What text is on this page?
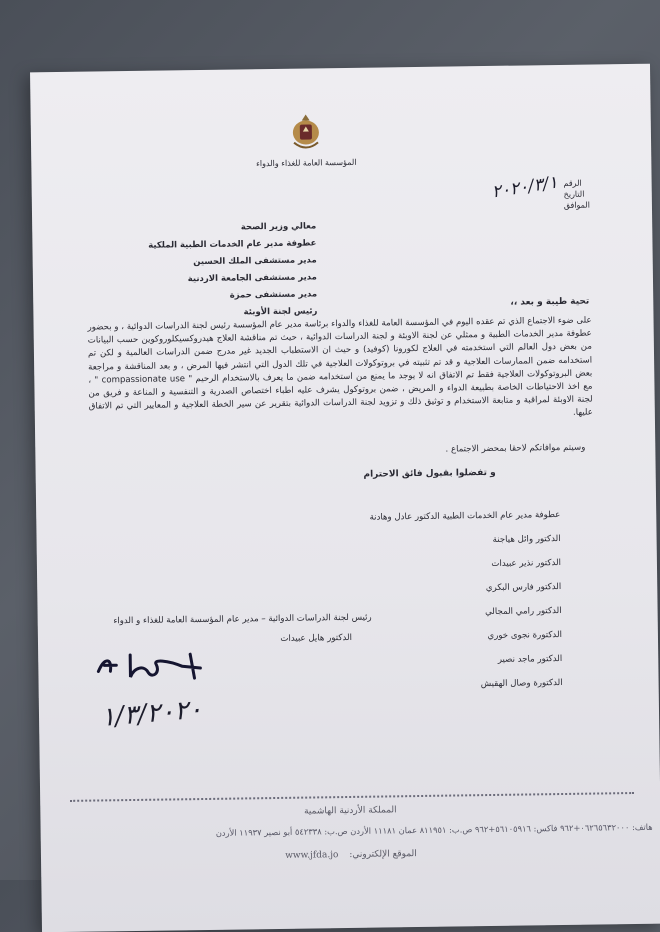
المؤسسة العامة للغذاء والدواء
الرقم
التاريخ
الموافق
٢٠٢٠/٣/١
معالي وزير الصحة
عطوفة مدير عام الخدمات الطبية الملكية
مدير مستشفى الملك الحسين
مدير مستشفى الجامعة الاردنية
مدير مستشفى حمزة
رئيس لجنة الأوبئة
تحية طيبة و بعد ،،
على ضوء الاجتماع الذي تم عقده اليوم في المؤسسة العامة للغذاء والدواء برئاسة مدير عام المؤسسة رئيس لجنة الدراسات الدوائية ، و بحضور عطوفة مدير الخدمات الطبية و ممثلي عن لجنة الاوبئة و لجنة الدراسات الدوائية ، حيث تم مناقشة العلاج هيدروكسيكلوروكوين حسب البيانات من بعض دول العالم التي استخدمته في العلاج لكورونا (كوفيد) و حيث ان الاستطباب الجديد غير مدرج ضمن الدراسات العالمية و لكن تم استخدامه ضمن الممارسات العلاجية و قد تم تثبيته في بروتوكولات العلاجية في تلك الدول التي انتشر فيها المرض ، و بعد المناقشة و مراجعة بعض البروتوكولات العلاجية فقط تم الاتفاق انه لا يوجد ما يمنع من استخدامه ضمن ما يعرف بالاستخدام الرحيم " compassionate use " ، مع اخذ الاحتياطات الخاصة بطبيعة الدواء و المريض ، ضمن بروتوكول يشرف عليه اطباء اختصاص الصدرية و التنفسية و المناعة و فريق من لجنة الاوبئة لمراقبة و متابعة الاستخدام و توثيق ذلك و تزويد لجنة الدراسات الدوائية بتقرير عن سير الخطة العلاجية و المعايير التي تم الاتفاق عليها.
وسيتم موافاتكم لاحقا بمحضر الاجتماع .
و تفضلوا بقبول فائق الاحترام
عطوفة مدير عام الخدمات الطبية الدكتور عادل وهادنة
الدكتور وائل هياجنة
الدكتور نذير عبيدات
الدكتور فارس البكري
الدكتور رامي المجالي
الدكتورة نجوى خوري
الدكتور ماجد نصير
الدكتورة وصال الهقيش
رئيس لجنة الدراسات الدوائية – مدير عام المؤسسة العامة للغذاء و الدواء
الدكتور هايل عبيدات
١/٣/٢٠٢٠
المملكة الأردنية الهاشمية
هاتف: ٠٦٢٦٥٦٣٢٠٠٠+٩٦٢ فاكس: ٥٦١٠٥٩١٦+٩٦٢ ص.ب: ٨١١٩٥١ عمان ١١١٨١ الأردن ص.ب: ٥٤٢٣٣٨ أبو نصير ١١٩٣٧ الأردن
الموقع الإلكتروني: www.jfda.jo
